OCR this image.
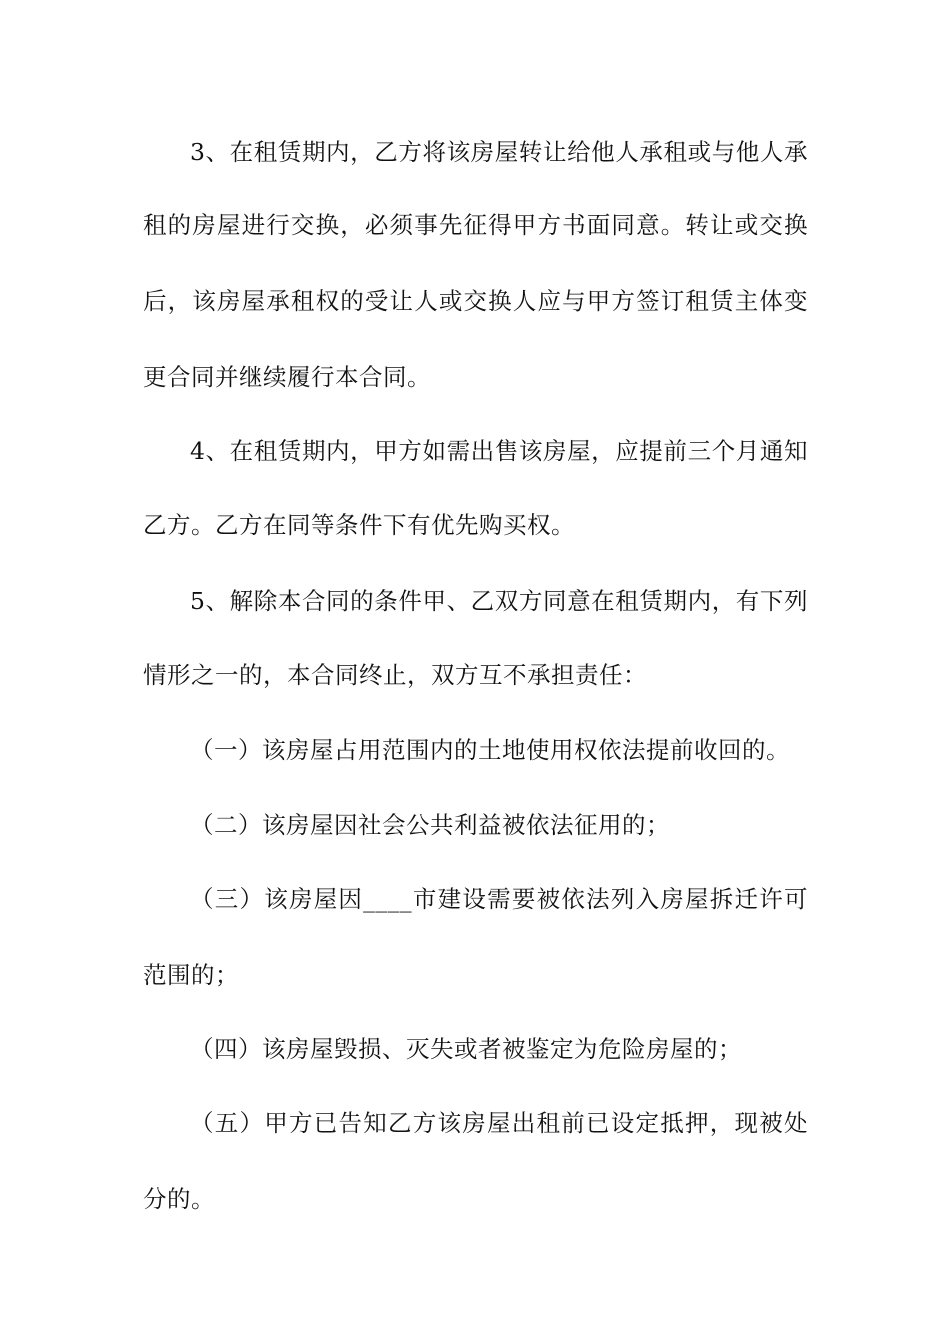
3、在租赁期内，乙方将该房屋转让给他人承租或与他人承
租的房屋进行交换，必须事先征得甲方书面同意。转让或交换
后，该房屋承租权的受让人或交换人应与甲方签订租赁主体变
更合同并继续履行本合同。
4、在租赁期内，甲方如需出售该房屋，应提前三个月通知
乙方。乙方在同等条件下有优先购买权。
5、解除本合同的条件甲、乙双方同意在租赁期内，有下列
情形之一的，本合同终止，双方互不承担责任：
（一）该房屋占用范围内的土地使用权依法提前收回的。
（二）该房屋因社会公共利益被依法征用的；
（三）该房屋因____市建设需要被依法列入房屋拆迁许可
范围的；
（四）该房屋毁损、灭失或者被鉴定为危险房屋的；
（五）甲方已告知乙方该房屋出租前已设定抵押，现被处
分的。
